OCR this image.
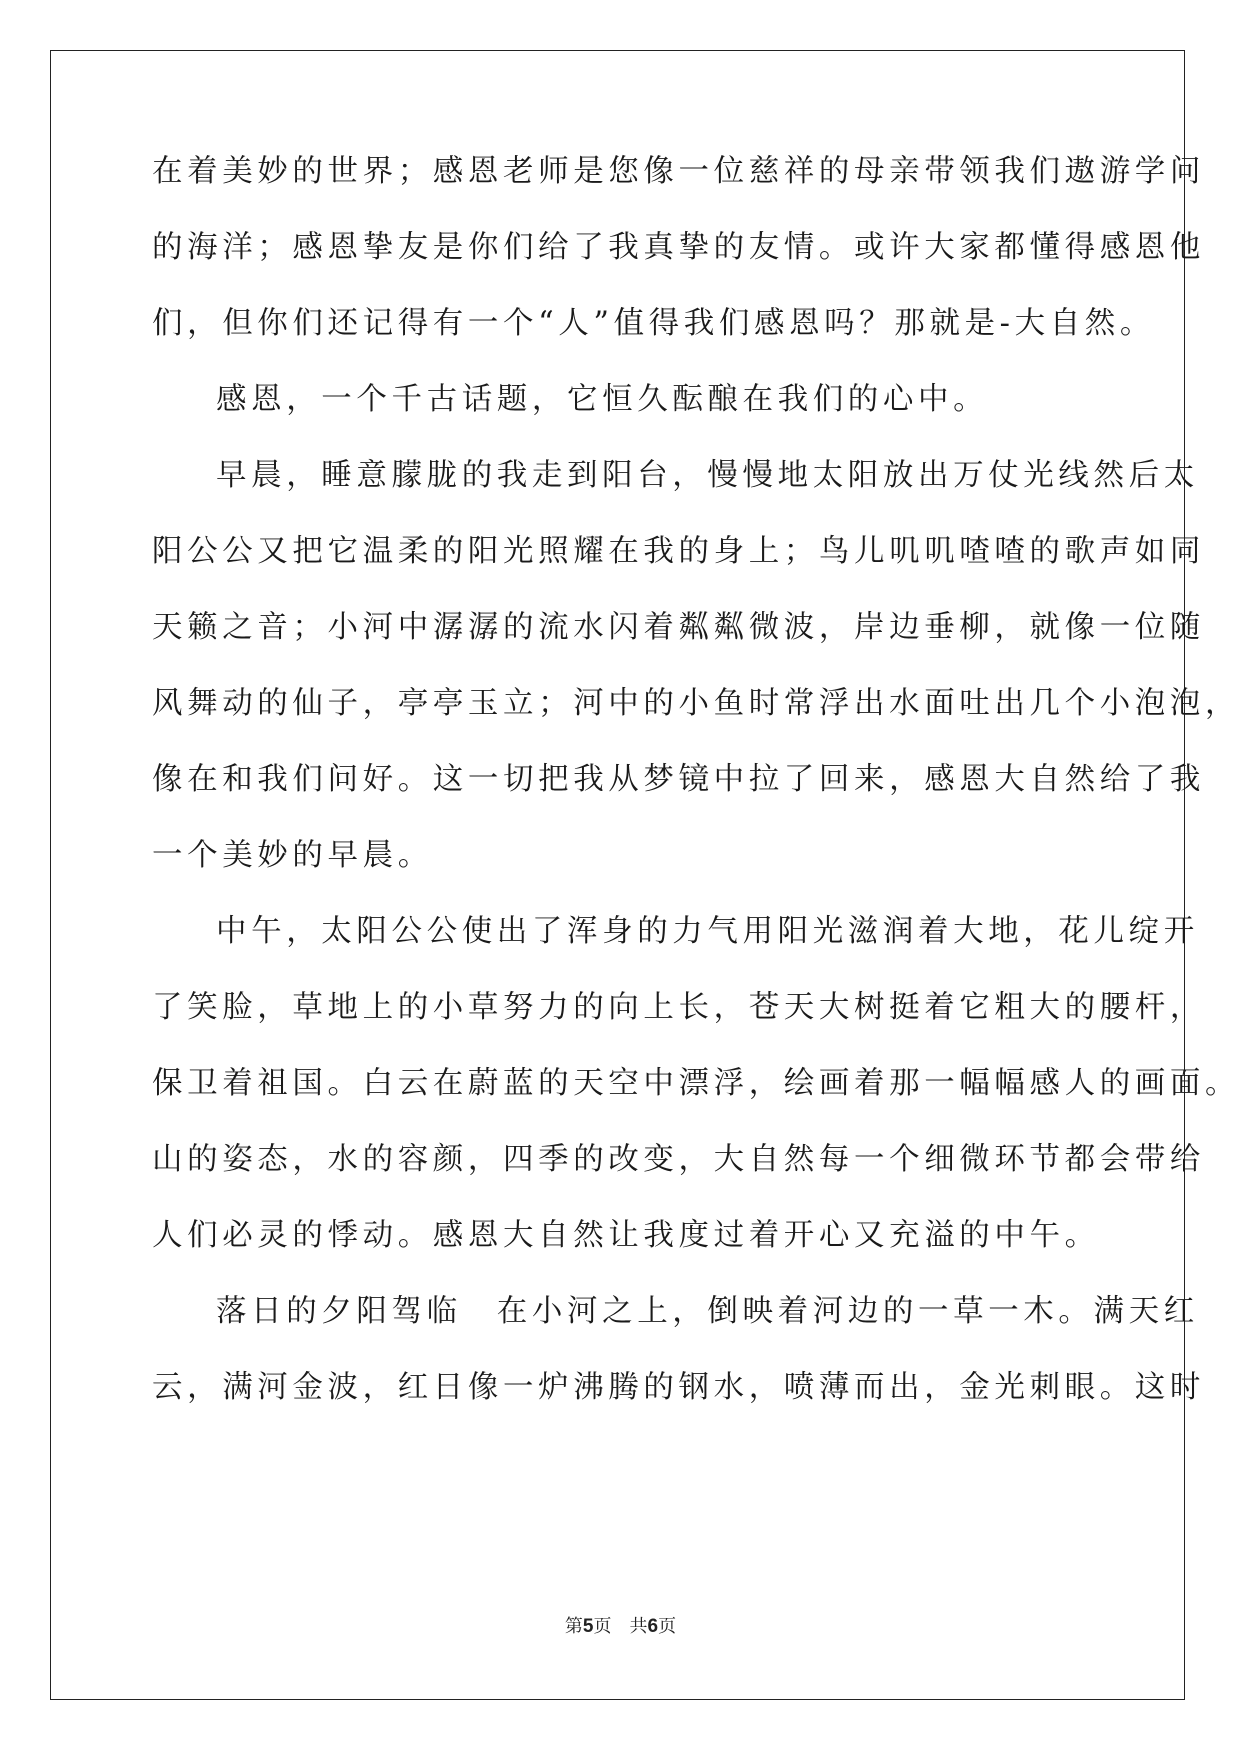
在着美妙的世界；感恩老师是您像一位慈祥的母亲带领我们遨游学问
的海洋；感恩挚友是你们给了我真挚的友情。或许大家都懂得感恩他
们，但你们还记得有一个“人”值得我们感恩吗？那就是-大自然。
感恩，一个千古话题，它恒久酝酿在我们的心中。
早晨，睡意朦胧的我走到阳台，慢慢地太阳放出万仗光线然后太
阳公公又把它温柔的阳光照耀在我的身上；鸟儿叽叽喳喳的歌声如同
天籁之音；小河中潺潺的流水闪着粼粼微波，岸边垂柳，就像一位随
风舞动的仙子，亭亭玉立；河中的小鱼时常浮出水面吐出几个小泡泡，
像在和我们问好。这一切把我从梦镜中拉了回来，感恩大自然给了我
一个美妙的早晨。
中午，太阳公公使出了浑身的力气用阳光滋润着大地，花儿绽开
了笑脸，草地上的小草努力的向上长，苍天大树挺着它粗大的腰杆，
保卫着祖国。白云在蔚蓝的天空中漂浮，绘画着那一幅幅感人的画面。
山的姿态，水的容颜，四季的改变，大自然每一个细微环节都会带给
人们必灵的悸动。感恩大自然让我度过着开心又充溢的中午。
落日的夕阳驾临　在小河之上，倒映着河边的一草一木。满天红
云，满河金波，红日像一炉沸腾的钢水，喷薄而出，金光刺眼。这时
第5页　共6页
